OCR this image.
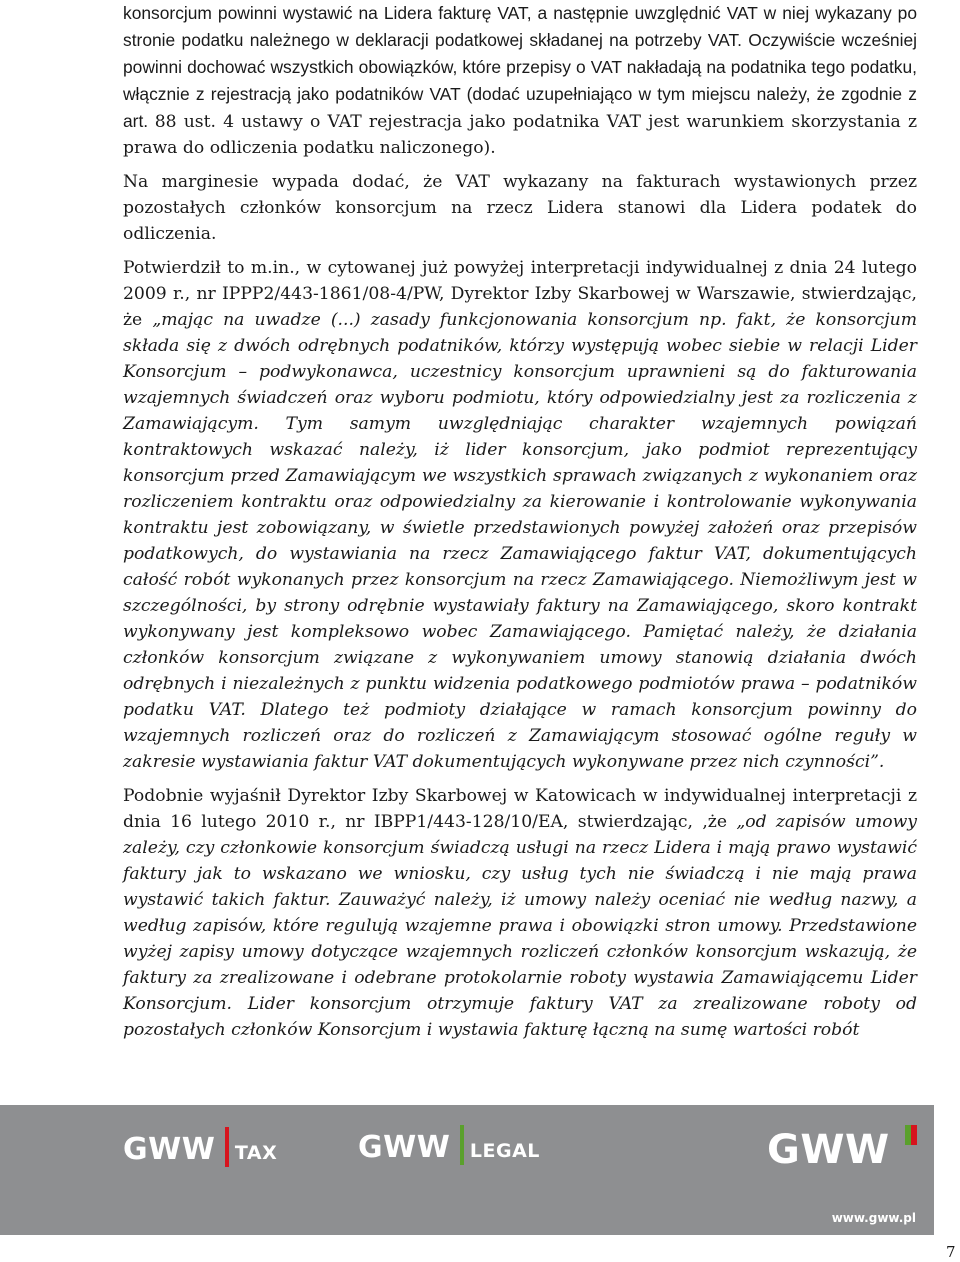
konsorcjum powinni wystawić na Lidera fakturę VAT, a następnie uwzględnić VAT w niej wykazany po stronie podatku należnego w deklaracji podatkowej składanej na potrzeby VAT. Oczywiście wcześniej powinni dochować wszystkich obowiązków, które przepisy o VAT nakładają na podatnika tego podatku, włącznie z rejestracją jako podatników VAT (dodać uzupełniająco w tym miejscu należy, że zgodnie z art. 88 ust. 4 ustawy o VAT rejestracja jako podatnika VAT jest warunkiem skorzystania z prawa do odliczenia podatku naliczonego).

Na marginesie wypada dodać, że VAT wykazany na fakturach wystawionych przez pozostałych członków konsorcjum na rzecz Lidera stanowi dla Lidera podatek do odliczenia.

Potwierdził to m.in., w cytowanej już powyżej interpretacji indywidualnej z dnia 24 lutego 2009 r., nr IPPP2/443-1861/08-4/PW, Dyrektor Izby Skarbowej w Warszawie, stwierdzając, że „mając na uwadze (...) zasady funkcjonowania konsorcjum np. fakt, że konsorcjum składa się z dwóch odrębnych podatników, którzy występują wobec siebie w relacji Lider Konsorcjum – podwykonawca, uczestnicy konsorcjum uprawnieni są do fakturowania wzajemnych świadczeń oraz wyboru podmiotu, który odpowiedzialny jest za rozliczenia z Zamawiającym. Tym samym uwzględniając charakter wzajemnych powiązań kontraktowych wskazać należy, iż lider konsorcjum, jako podmiot reprezentujący konsorcjum przed Zamawiającym we wszystkich sprawach związanych z wykonaniem oraz rozliczeniem kontraktu oraz odpowiedzialny za kierowanie i kontrolowanie wykonywania kontraktu jest zobowiązany, w świetle przedstawionych powyżej założeń oraz przepisów podatkowych, do wystawiania na rzecz Zamawiającego faktur VAT, dokumentujących całość robót wykonanych przez konsorcjum na rzecz Zamawiającego. Niemożliwym jest w szczególności, by strony odrębnie wystawiały faktury na Zamawiającego, skoro kontrakt wykonywany jest kompleksowo wobec Zamawiającego. Pamiętać należy, że działania członków konsorcjum związane z wykonywaniem umowy stanowią działania dwóch odrębnych i niezależnych z punktu widzenia podatkowego podmiotów prawa – podatników podatku VAT. Dlatego też podmioty działające w ramach konsorcjum powinny do wzajemnych rozliczeń oraz do rozliczeń z Zamawiającym stosować ogólne reguły w zakresie wystawiania faktur VAT dokumentujących wykonywane przez nich czynności”.

Podobnie wyjaśnił Dyrektor Izby Skarbowej w Katowicach w indywidualnej interpretacji z dnia 16 lutego 2010 r., nr IBPP1/443-128/10/EA, stwierdzając, ‚że „od zapisów umowy zależy, czy członkowie konsorcjum świadczą usługi na rzecz Lidera i mają prawo wystawić faktury jak to wskazano we wniosku, czy usług tych nie świadczą i nie mają prawa wystawić takich faktur. Zauważyć należy, iż umowy należy oceniać nie według nazwy, a według zapisów, które regulują wzajemne prawa i obowiązki stron umowy. Przedstawione wyżej zapisy umowy dotyczące wzajemnych rozliczeń członków konsorcjum wskazują, że faktury za zrealizowane i odebrane protokolarnie roboty wystawia Zamawiającemu Lider Konsorcjum. Lider konsorcjum otrzymuje faktury VAT za zrealizowane roboty od pozostałych członków Konsorcjum i wystawia fakturę łączną na sumę wartości robót

GWW TAX	GWW LEGAL	GWW
www.gww.pl
7
